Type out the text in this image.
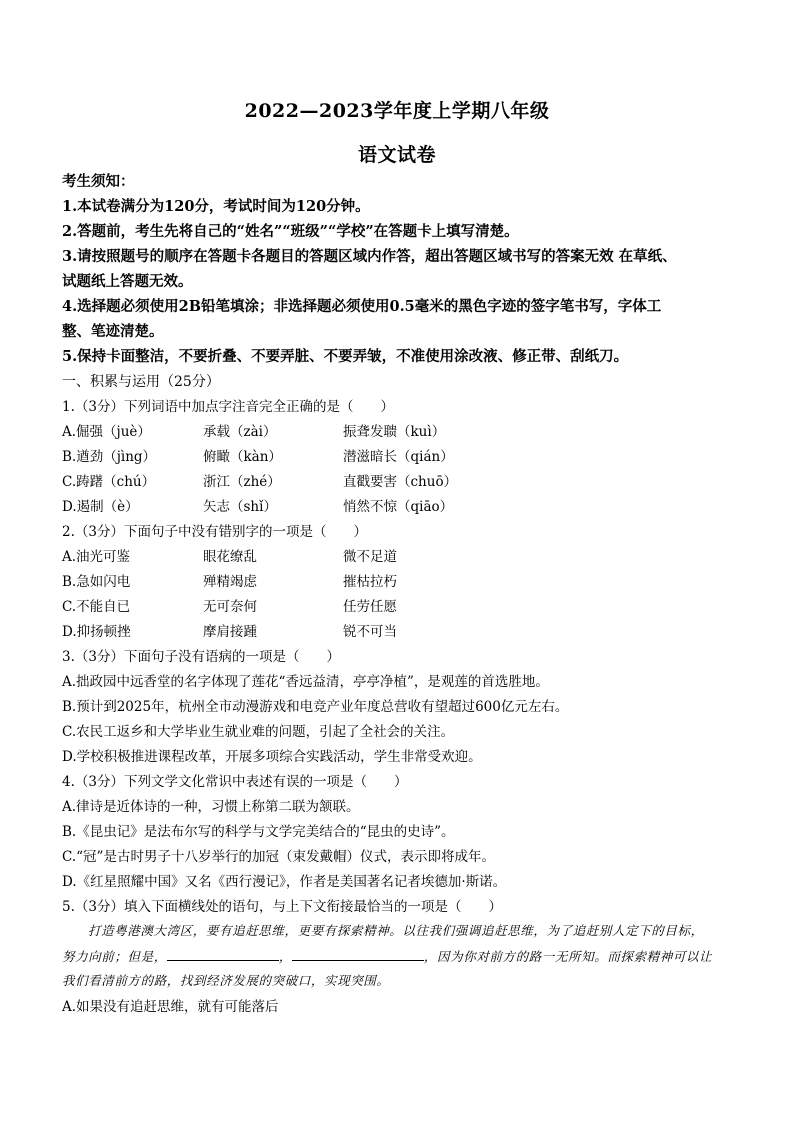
2022—2023学年度上学期八年级
语文试卷
考生须知：
1.本试卷满分为120分，考试时间为120分钟。
2.答题前，考生先将自己的“姓名”“班级”“学校”在答题卡上填写清楚。
3.请按照题号的顺序在答题卡各题目的答题区域内作答，超出答题区域书写的答案无效 在草纸、
试题纸上答题无效。
4.选择题必须使用2B铅笔填涂；非选择题必须使用0.5毫米的黑色字迹的签字笔书写，字体工
整、笔迹清楚。
5.保持卡面整洁，不要折叠、不要弄脏、不要弄皱，不准使用涂改液、修正带、刮纸刀。
一、积累与运用（25分）
1.（3分）下列词语中加点字注音完全正确的是（　　）
A.倔强（juè）	承载（zài）	振聋发聩（kuì）
B.遒劲（jìng）	俯瞰（kàn）	潜滋暗长（qián）
C.踌躇（chú）	浙江（zhé）	直戳要害（chuō）
D.遏制（è）	矢志（shǐ）	悄然不惊（qiāo）
2.（3分）下面句子中没有错别字的一项是（　　）
A.油光可鉴	眼花缭乱	微不足道
B.急如闪电	殚精竭虑	摧枯拉朽
C.不能自已	无可奈何	任劳任愿
D.抑扬顿挫	摩肩接踵	锐不可当
3.（3分）下面句子没有语病的一项是（　　）
A.拙政园中远香堂的名字体现了莲花“香远益清，亭亭净植”，是观莲的首选胜地。
B.预计到2025年，杭州全市动漫游戏和电竞产业年度总营收有望超过600亿元左右。
C.农民工返乡和大学毕业生就业难的问题，引起了全社会的关注。
D.学校积极推进课程改革，开展多项综合实践活动，学生非常受欢迎。
4.（3分）下列文学文化常识中表述有误的一项是（　　）
A.律诗是近体诗的一种，习惯上称第二联为颔联。
B.《昆虫记》是法布尔写的科学与文学完美结合的“昆虫的史诗”。
C.“冠”是古时男子十八岁举行的加冠（束发戴帽）仪式，表示即将成年。
D.《红星照耀中国》又名《西行漫记》，作者是美国著名记者埃德加·斯诺。
5.（3分）填入下面横线处的语句，与上下文衔接最恰当的一项是（　　）
打造粤港澳大湾区，要有追赶思维，更要有探索精神。以往我们强调追赶思维，为了追赶别人定下的目标，
努力向前；但是，	，	，因为你对前方的路一无所知。而探索精神可以让
我们看清前方的路，找到经济发展的突破口，实现突围。
A.如果没有追赶思维，就有可能落后
